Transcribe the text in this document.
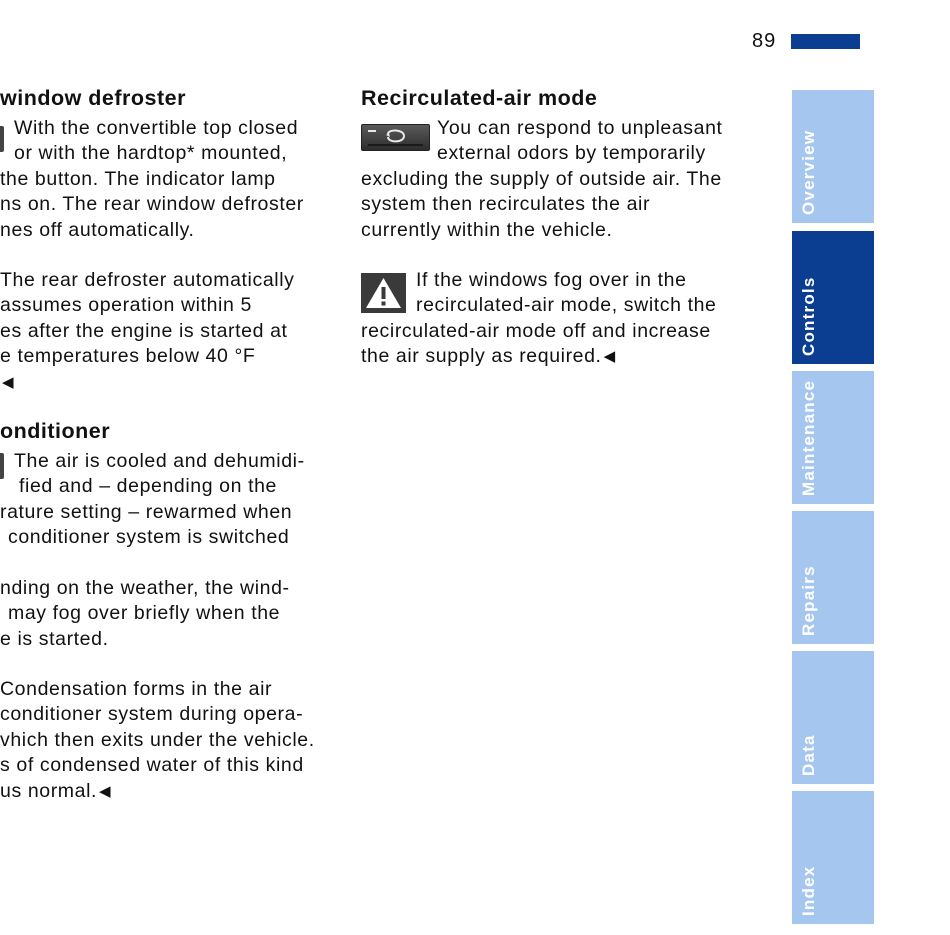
89
window defroster
With the convertible top closed
or with the hardtop* mounted,
the button. The indicator lamp
ns on. The rear window defroster
nes off automatically.
The rear defroster automatically
assumes operation within 5
es after the engine is started at
e temperatures below 40 °F
◀
onditioner
The air is cooled and dehumidi-
fied and – depending on the
rature setting – rewarmed when
conditioner system is switched
nding on the weather, the wind-
may fog over briefly when the
e is started.
Condensation forms in the air
conditioner system during opera-
vhich then exits under the vehicle.
s of condensed water of this kind
us normal. ◀
Recirculated-air mode
You can respond to unpleasant
external odors by temporarily
excluding the supply of outside air. The
system then recirculates the air
currently within the vehicle.
If the windows fog over in the
recirculated-air mode, switch the
recirculated-air mode off and increase
the air supply as required. ◀
Overview
Controls
Maintenance
Repairs
Data
Index
